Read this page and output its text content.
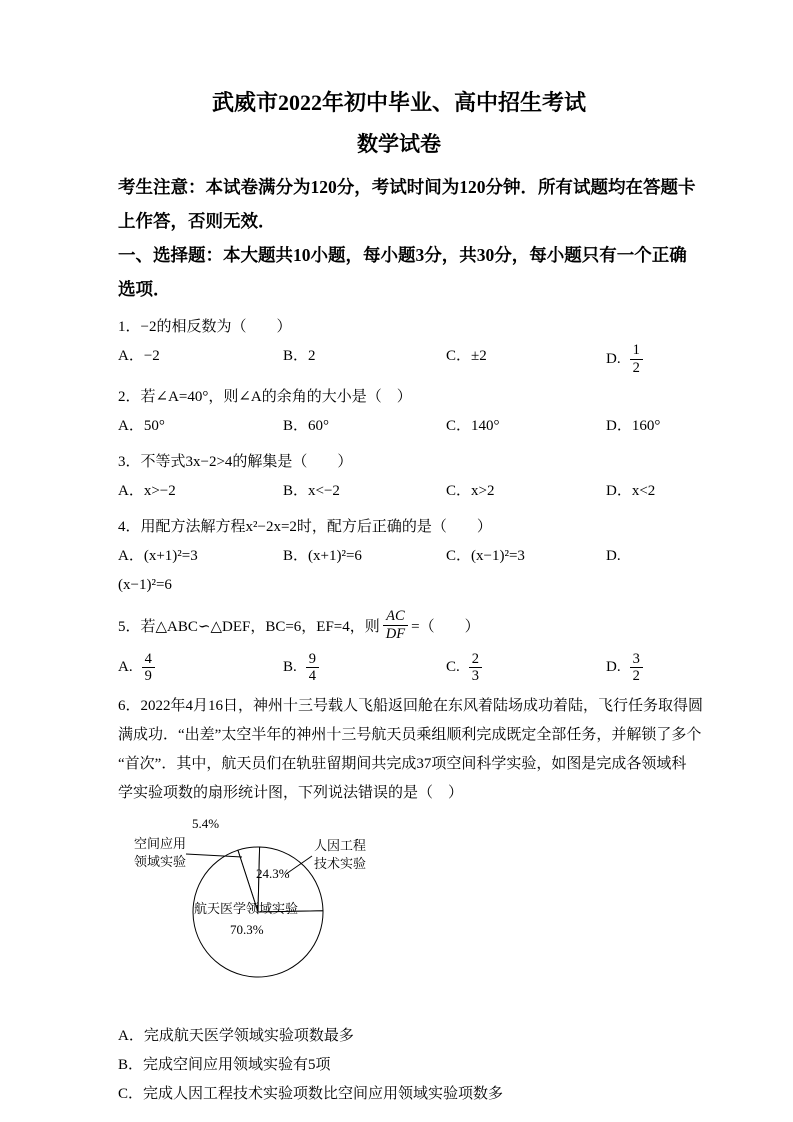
武威市2022年初中毕业、高中招生考试
数学试卷
考生注意：本试卷满分为120分，考试时间为120分钟．所有试题均在答题卡
上作答，否则无效．
一、选择题：本大题共10小题，每小题3分，共30分，每小题只有一个正确
选项．
1．−2的相反数为（　　）
A．−2	B．2	C．±2	D. $\frac{1}{2}$
2．若∠A=40°，则∠A的余角的大小是（　）
A．50°	B．60°	C．140°	D．160°
3．不等式3x−2>4的解集是（　　）
A．x>−2	B．x<−2	C．x>2	D．x<2
4．用配方法解方程x²−2x=2时，配方后正确的是（　　）
A．(x+1)²=3	B．(x+1)²=6	C．(x−1)²=3	D.
(x−1)²=6
5．若△ABC∽△DEF，BC=6，EF=4，则 $\frac{AC}{DF}$ =（　　）
A. $\frac{4}{9}$	B. $\frac{9}{4}$	C. $\frac{2}{3}$	D. $\frac{3}{2}$
6．2022年4月16日，神州十三号载人飞船返回舱在东风着陆场成功着陆，飞行任务取得圆
满成功．“出差”太空半年的神州十三号航天员乘组顺利完成既定全部任务，并解锁了多个
“首次”．其中，航天员们在轨驻留期间共完成37项空间科学实验，如图是完成各领域科
学实验项数的扇形统计图，下列说法错误的是（　）
5.4%
空间应用
领域实验
人因工程
技术实验
24.3%
航天医学领域实验
70.3%
A．完成航天医学领域实验项数最多
B．完成空间应用领域实验有5项
C．完成人因工程技术实验项数比空间应用领域实验项数多
